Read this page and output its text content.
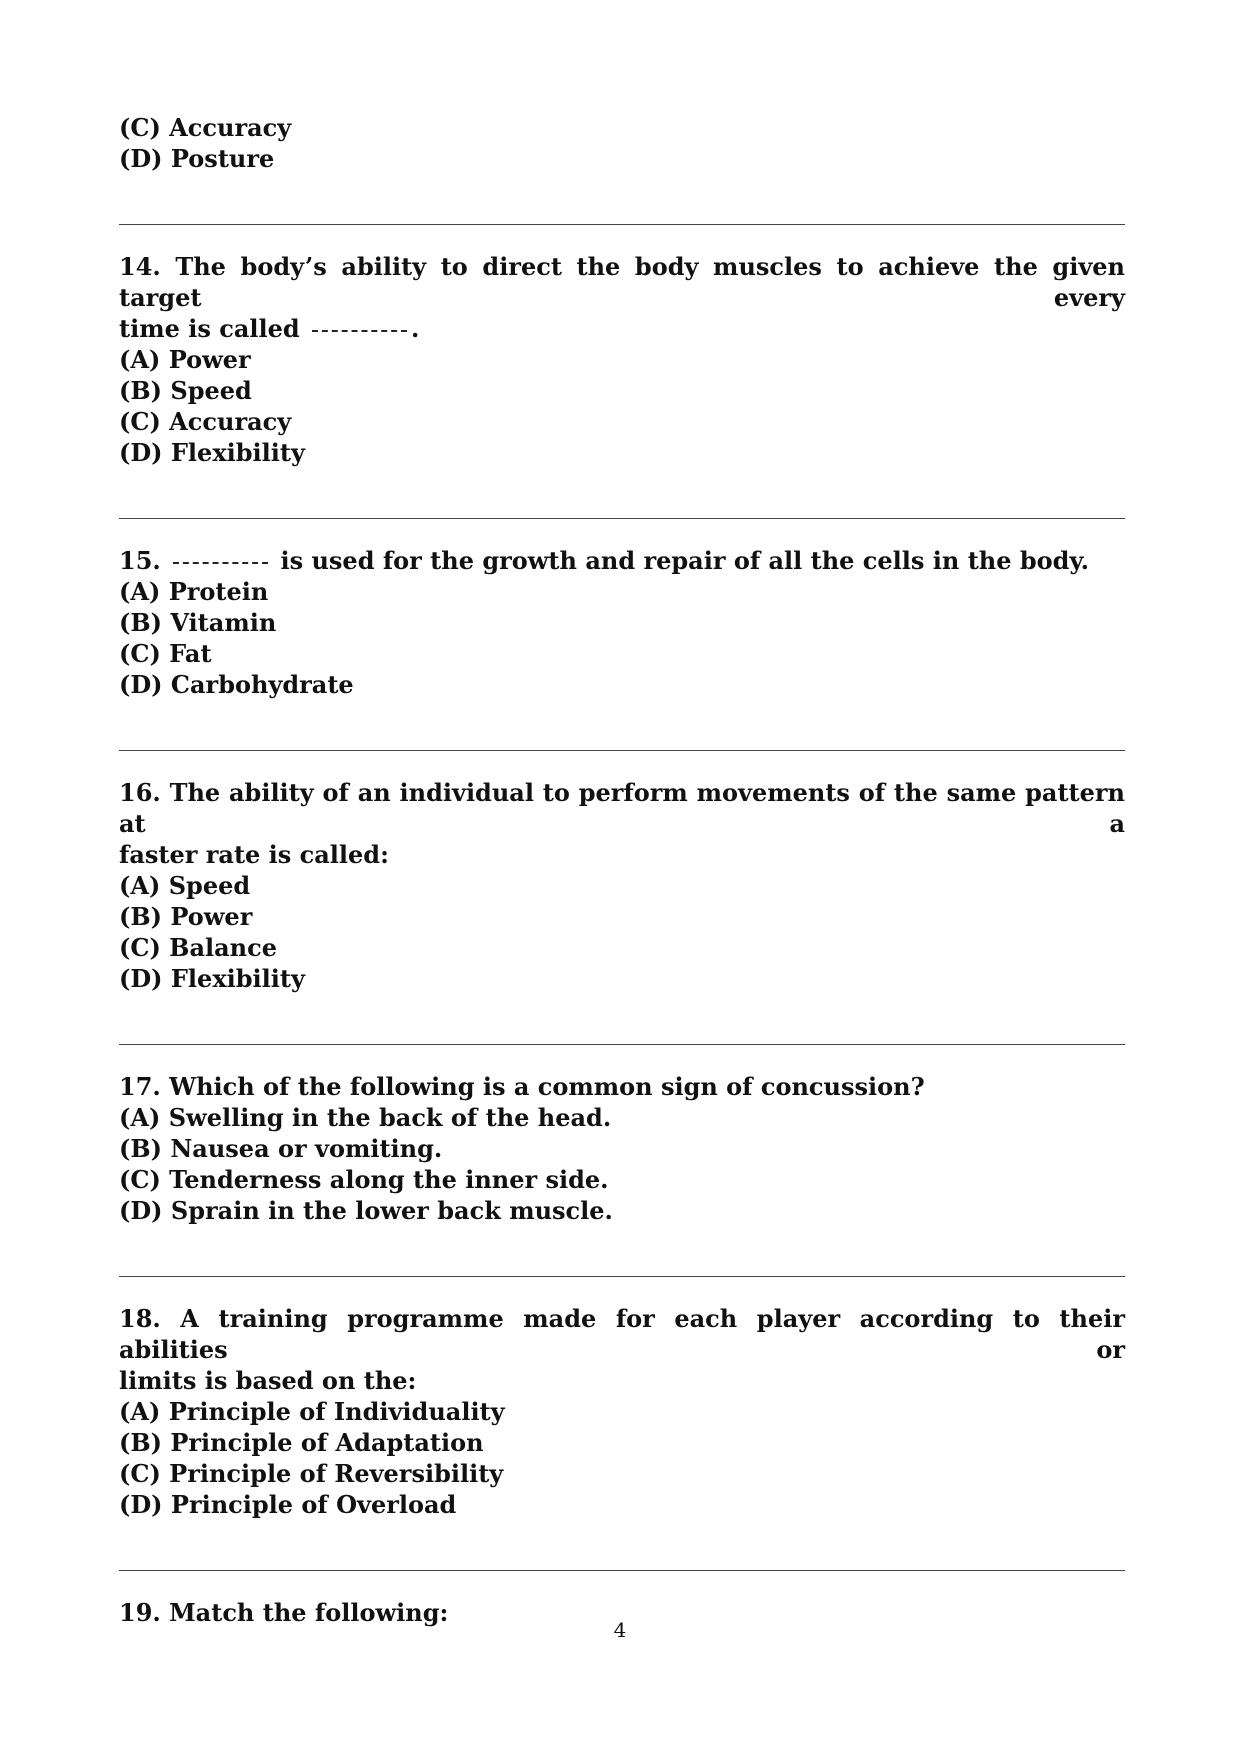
(C) Accuracy
(D) Posture
14. The body’s ability to direct the body muscles to achieve the given target every
time is called	.
(A) Power
(B) Speed
(C) Accuracy
(D) Flexibility
15.	is used for the growth and repair of all the cells in the body.
(A) Protein
(B) Vitamin
(C) Fat
(D) Carbohydrate
16. The ability of an individual to perform movements of the same pattern at a
faster rate is called:
(A) Speed
(B) Power
(C) Balance
(D) Flexibility
17. Which of the following is a common sign of concussion?
(A) Swelling in the back of the head.
(B) Nausea or vomiting.
(C) Tenderness along the inner side.
(D) Sprain in the lower back muscle.
18. A training programme made for each player according to their abilities or
limits is based on the:
(A) Principle of Individuality
(B) Principle of Adaptation
(C) Principle of Reversibility
(D) Principle of Overload
19. Match the following:
4
